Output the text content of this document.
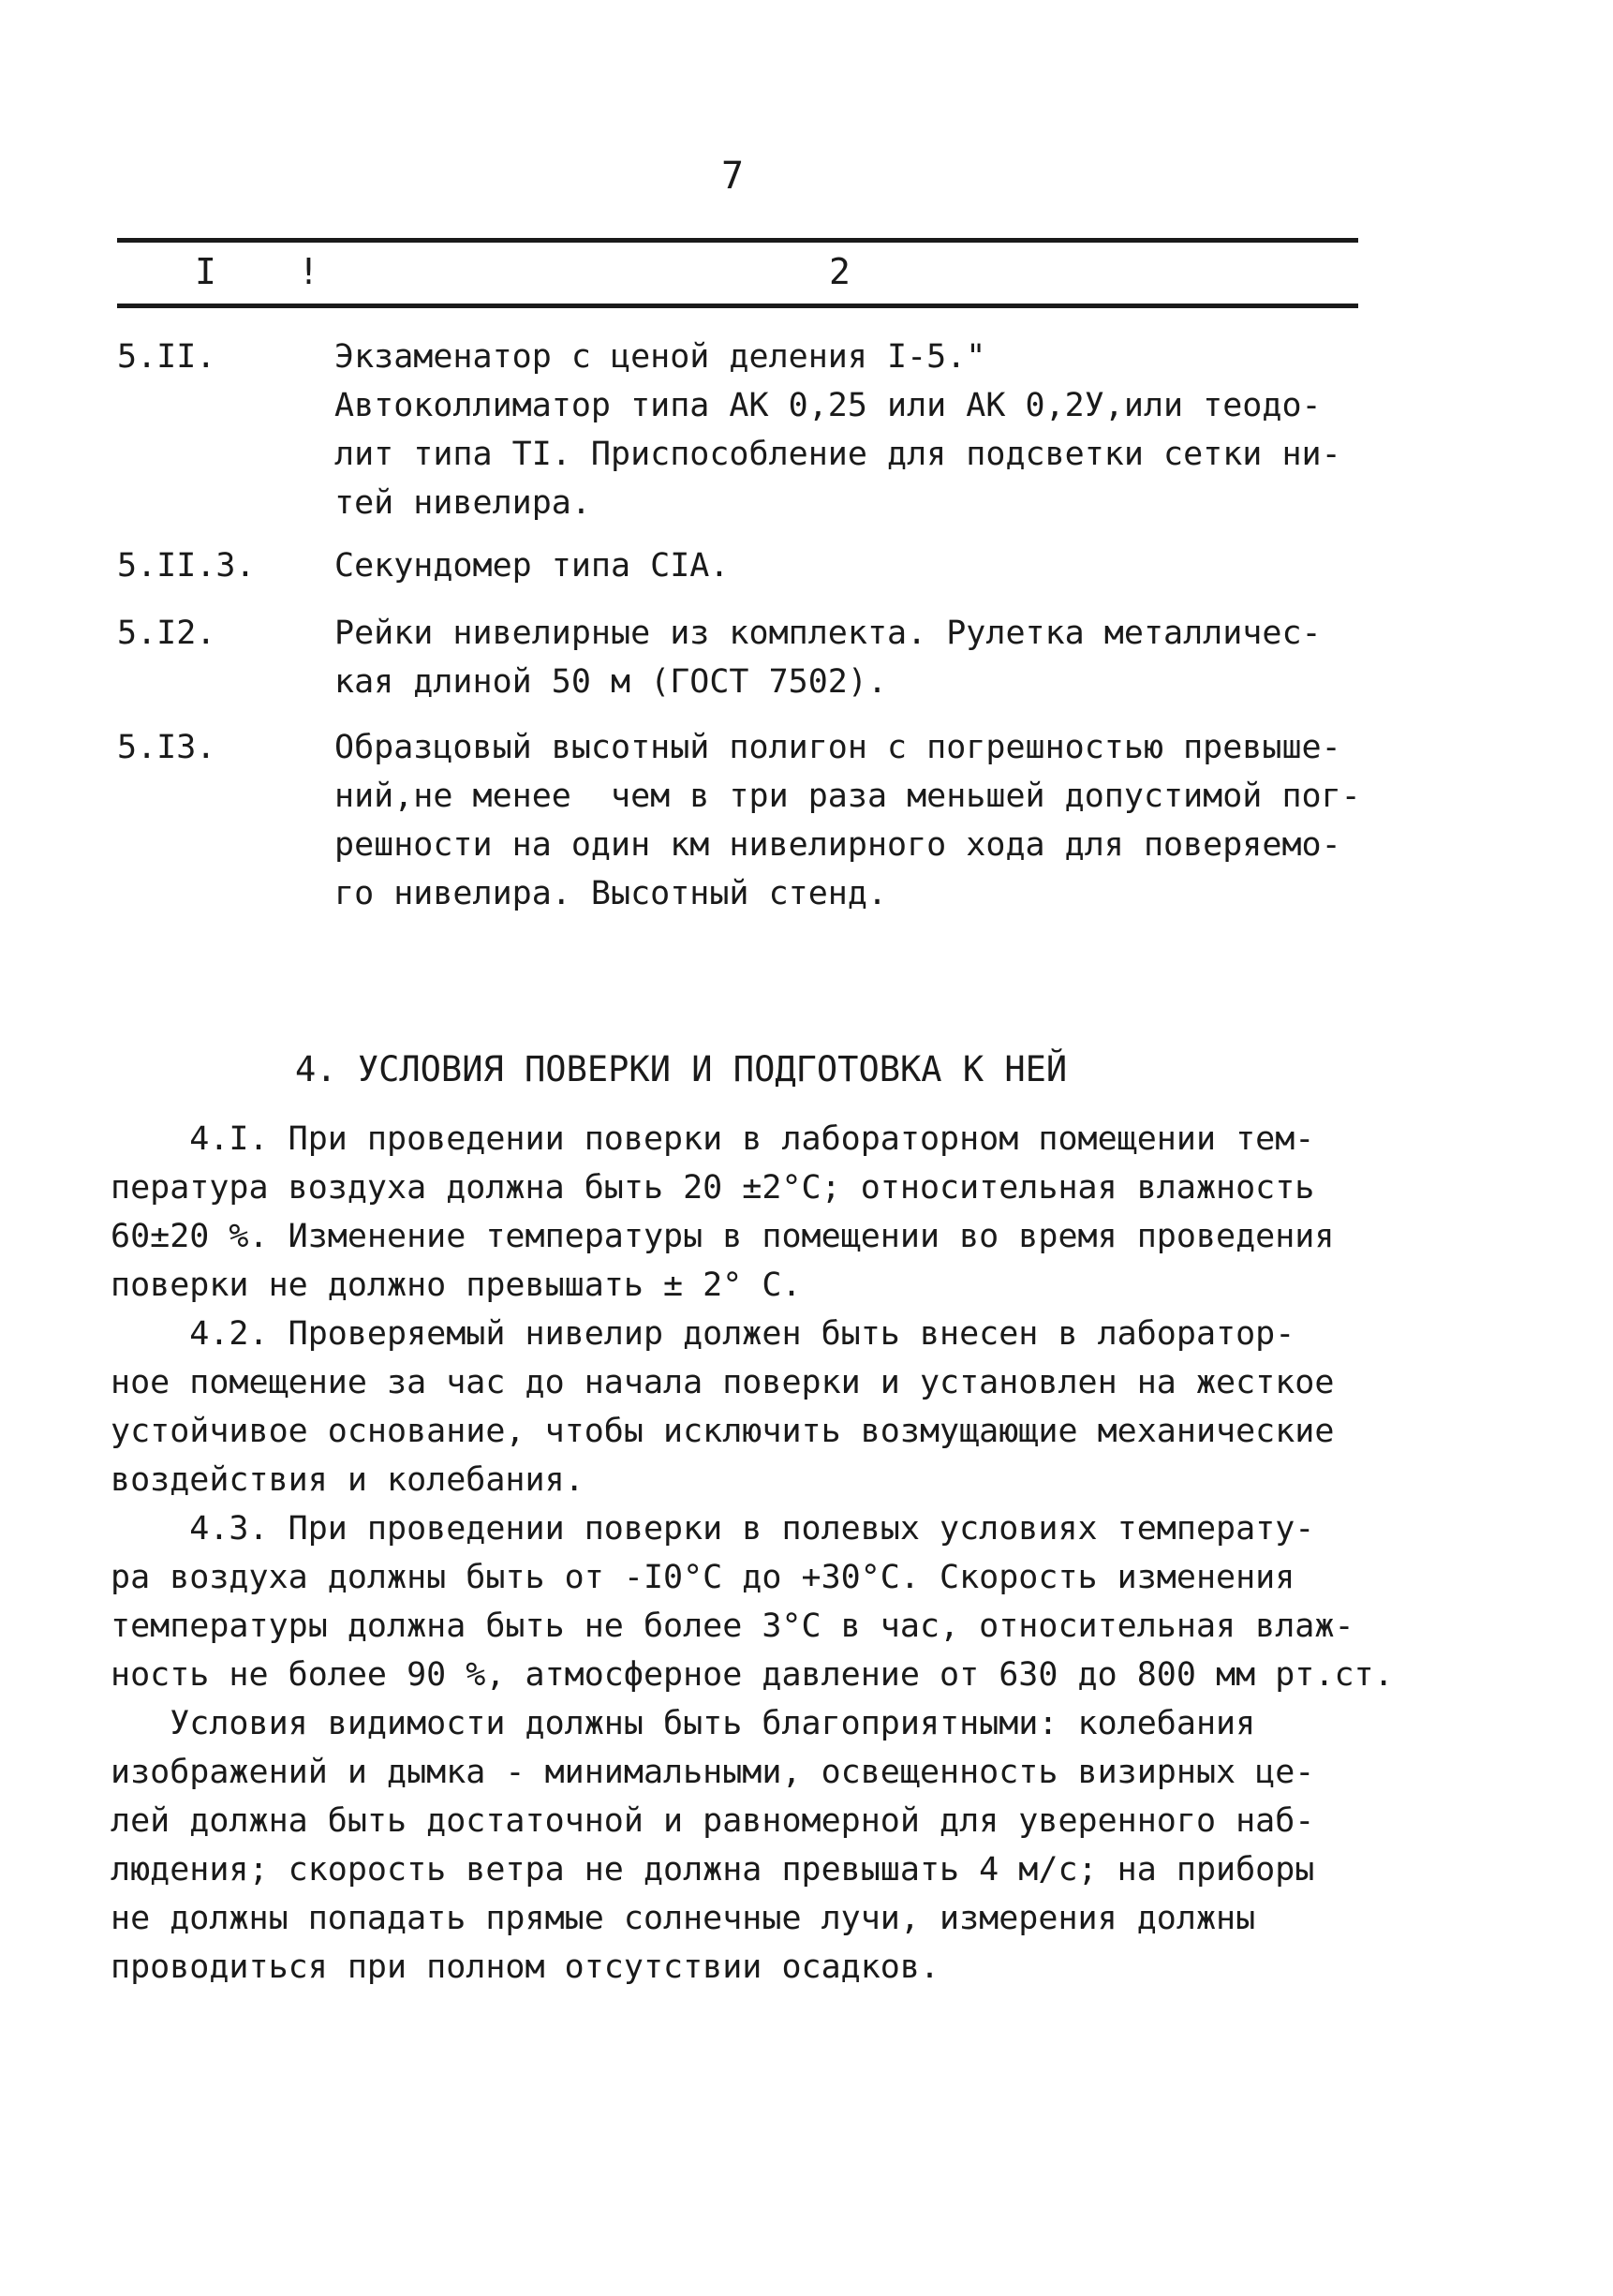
7
I !	2
5.II.	Экзаменатор с ценой деления I-5."
Автоколлиматор типа АК 0,25 или АК 0,2У,или теодо-
лит типа ТI. Приспособление для подсветки сетки ни-
тей нивелира.
5.II.3. Секундомер типа СIА.
5.I2.	Рейки нивелирные из комплекта. Рулетка металличес-
кая длиной 50 м (ГОСТ 7502).
5.I3.	Образцовый высотный полигон с погрешностью превыше-
ний,не менее  чем в три раза меньшей допустимой пог-
решности на один км нивелирного хода для поверяемо-
го нивелира. Высотный стенд.
4. УСЛОВИЯ ПОВЕРКИ И ПОДГОТОВКА К НЕЙ
4.I. При проведении поверки в лабораторном помещении тем-
пература воздуха должна быть 20 ±2°С; относительная влажность
60±20 %. Изменение температуры в помещении во время проведения
поверки не должно превышать ± 2° С.
4.2. Проверяемый нивелир должен быть внесен в лаборатор-
ное помещение за час до начала поверки и установлен на жесткое
устойчивое основание, чтобы исключить возмущающие механические
воздействия и колебания.
4.3. При проведении поверки в полевых условиях температу-
ра воздуха должны быть от -I0°С до +30°С. Скорость изменения
температуры должна быть не более 3°С в час, относительная влаж-
ность не более 90 %, атмосферное давление от 630 до 800 мм рт.ст.
Условия видимости должны быть благоприятными: колебания
изображений и дымка - минимальными, освещенность визирных це-
лей должна быть достаточной и равномерной для уверенного наб-
людения; скорость ветра не должна превышать 4 м/с; на приборы
не должны попадать прямые солнечные лучи, измерения должны
проводиться при полном отсутствии осадков.
